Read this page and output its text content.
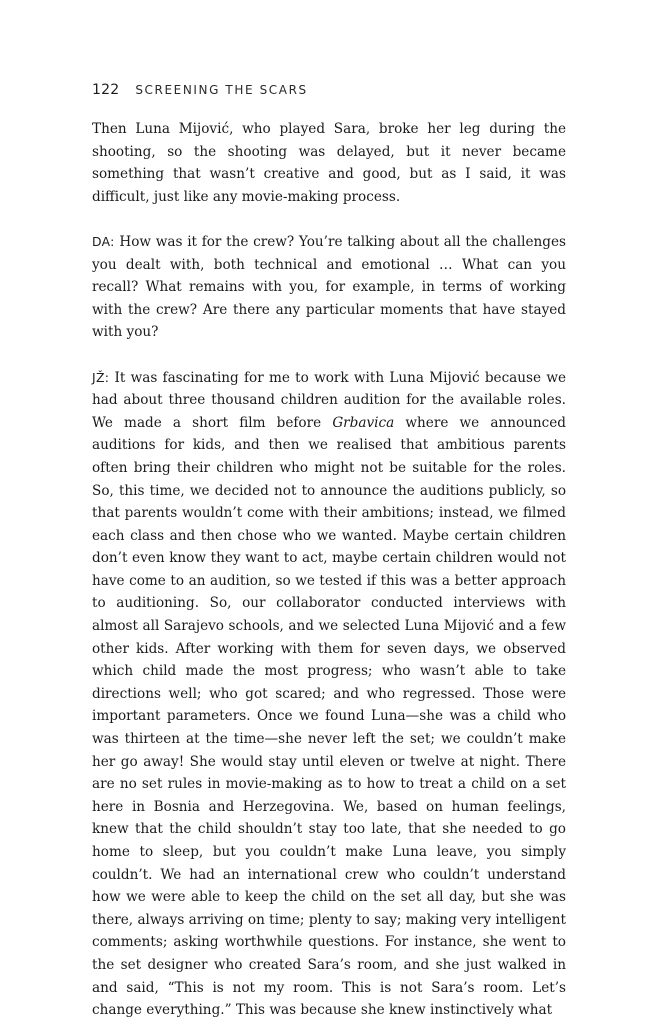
122 SCREENING THE SCARS

Then Luna Mijović, who played Sara, broke her leg during the shooting, so the shooting was delayed, but it never became something that wasn’t creative and good, but as I said, it was difficult, just like any movie-making process.

DA: How was it for the crew? You’re talking about all the challenges you dealt with, both technical and emotional … What can you recall? What remains with you, for example, in terms of working with the crew? Are there any particular moments that have stayed with you?

JŽ: It was fascinating for me to work with Luna Mijović because we had about three thousand children audition for the available roles. We made a short film before Grbavica where we announced auditions for kids, and then we realised that ambitious parents often bring their children who might not be suitable for the roles. So, this time, we decided not to announce the auditions publicly, so that parents wouldn’t come with their ambitions; instead, we filmed each class and then chose who we wanted. Maybe certain children don’t even know they want to act, maybe certain children would not have come to an audition, so we tested if this was a better approach to auditioning. So, our collaborator conducted interviews with almost all Sarajevo schools, and we selected Luna Mijović and a few other kids. After working with them for seven days, we observed which child made the most progress; who wasn’t able to take directions well; who got scared; and who regressed. Those were important parameters. Once we found Luna—she was a child who was thirteen at the time—she never left the set; we couldn’t make her go away! She would stay until eleven or twelve at night. There are no set rules in movie-making as to how to treat a child on a set here in Bosnia and Herzegovina. We, based on human feelings, knew that the child shouldn’t stay too late, that she needed to go home to sleep, but you couldn’t make Luna leave, you simply couldn’t. We had an international crew who couldn’t understand how we were able to keep the child on the set all day, but she was there, always arriving on time; plenty to say; making very intelligent comments; asking worthwhile questions. For instance, she went to the set designer who created Sara’s room, and she just walked in and said, “This is not my room. This is not Sara’s room. Let’s change everything.” This was because she knew instinctively what
